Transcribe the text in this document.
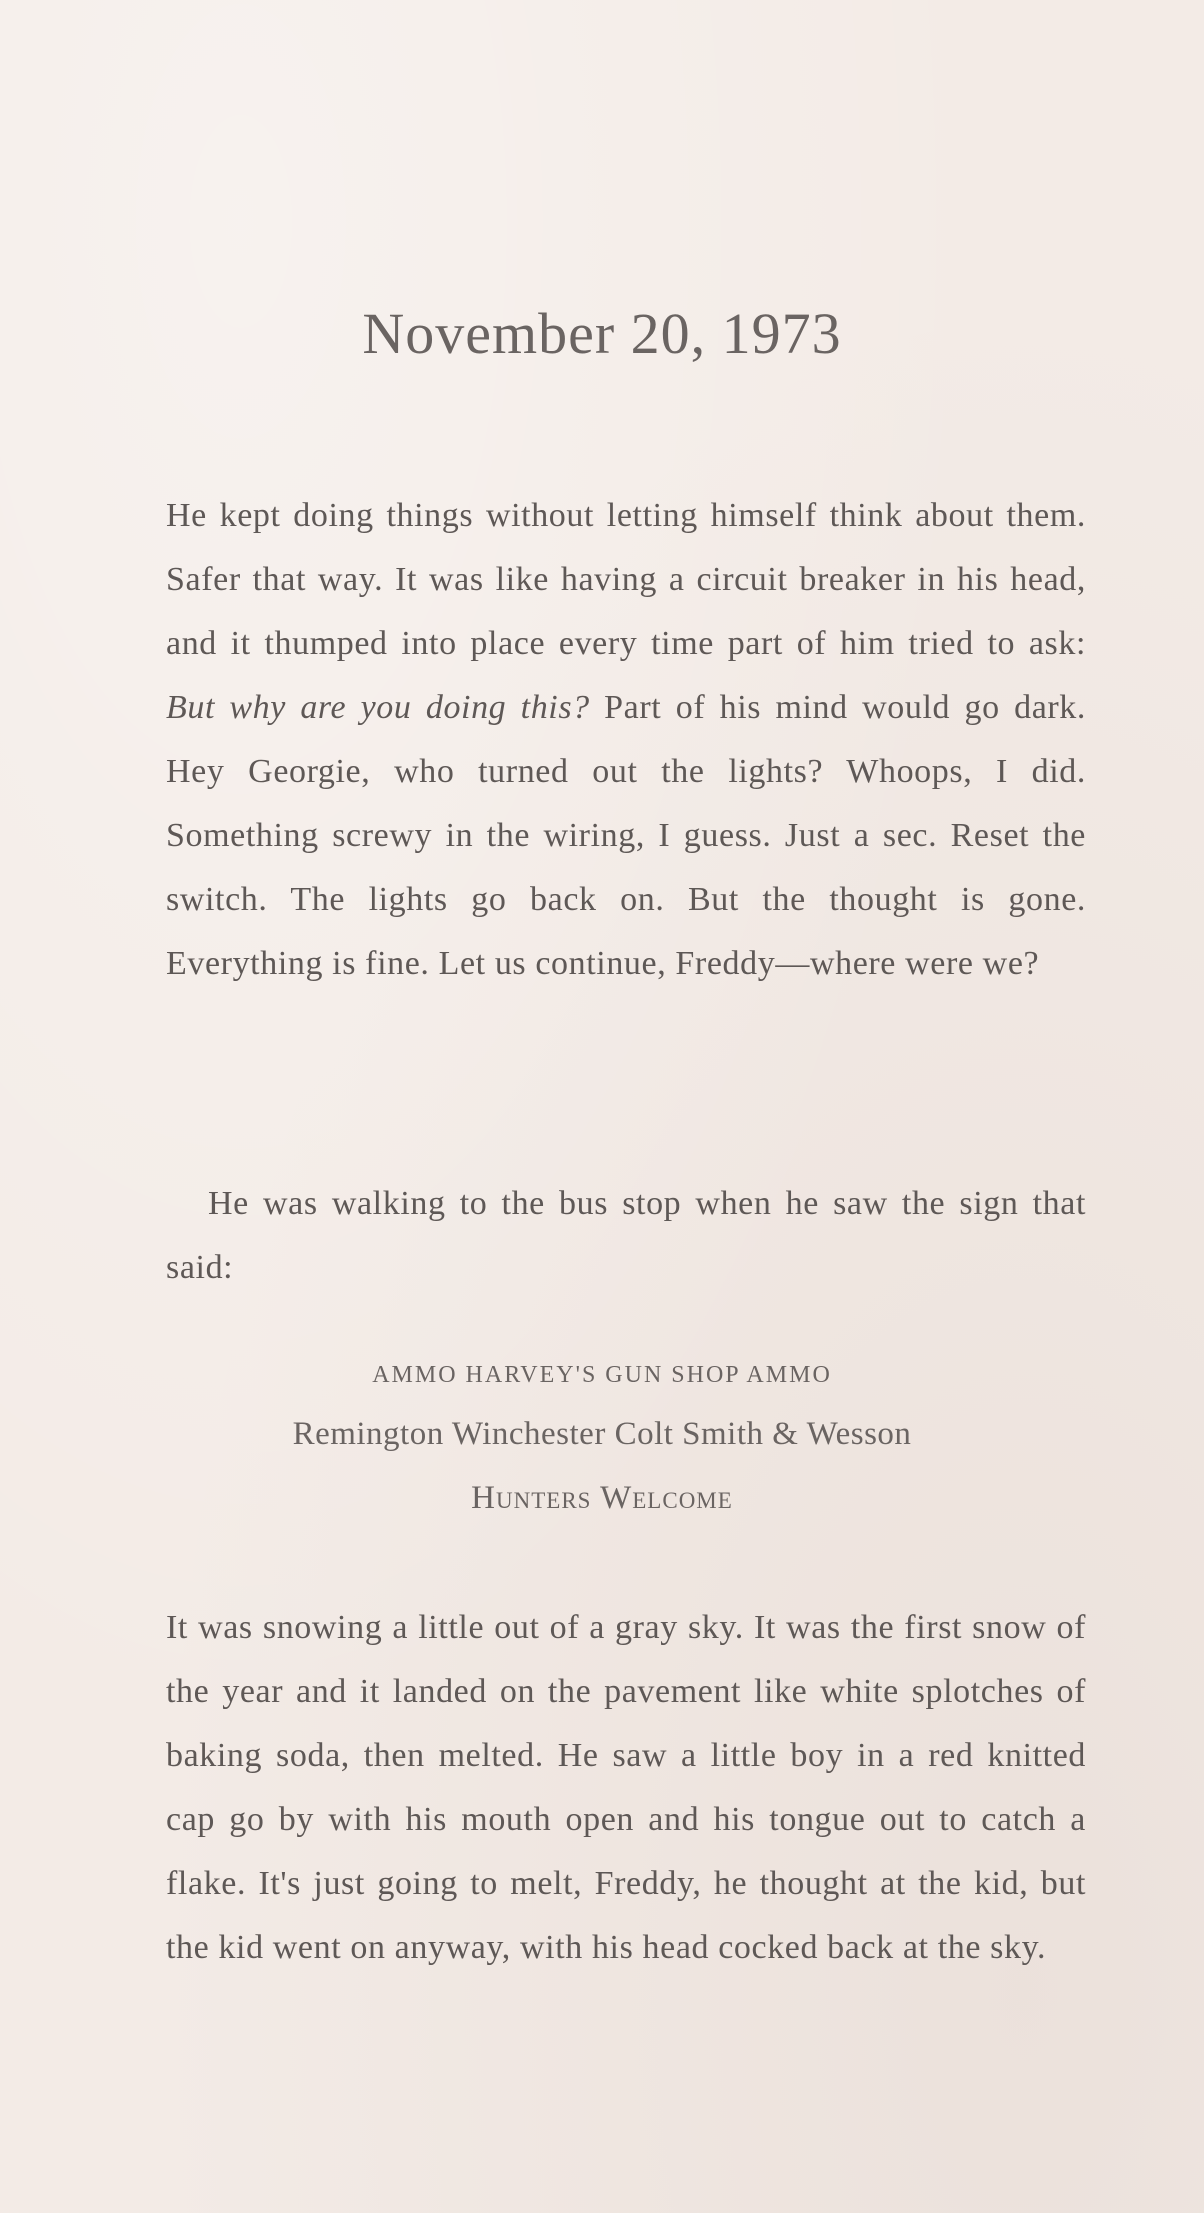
November 20, 1973

He kept doing things without letting himself think about them. Safer that way. It was like having a circuit breaker in his head, and it thumped into place every time part of him tried to ask: But why are you doing this? Part of his mind would go dark. Hey Georgie, who turned out the lights? Whoops, I did. Something screwy in the wiring, I guess. Just a sec. Reset the switch. The lights go back on. But the thought is gone. Everything is fine. Let us continue, Freddy—where were we?

He was walking to the bus stop when he saw the sign that said:

AMMO HARVEY'S GUN SHOP AMMO
Remington Winchester Colt Smith & Wesson
Hunters Welcome

It was snowing a little out of a gray sky. It was the first snow of the year and it landed on the pavement like white splotches of baking soda, then melted. He saw a little boy in a red knitted cap go by with his mouth open and his tongue out to catch a flake. It's just going to melt, Freddy, he thought at the kid, but the kid went on anyway, with his head cocked back at the sky.
